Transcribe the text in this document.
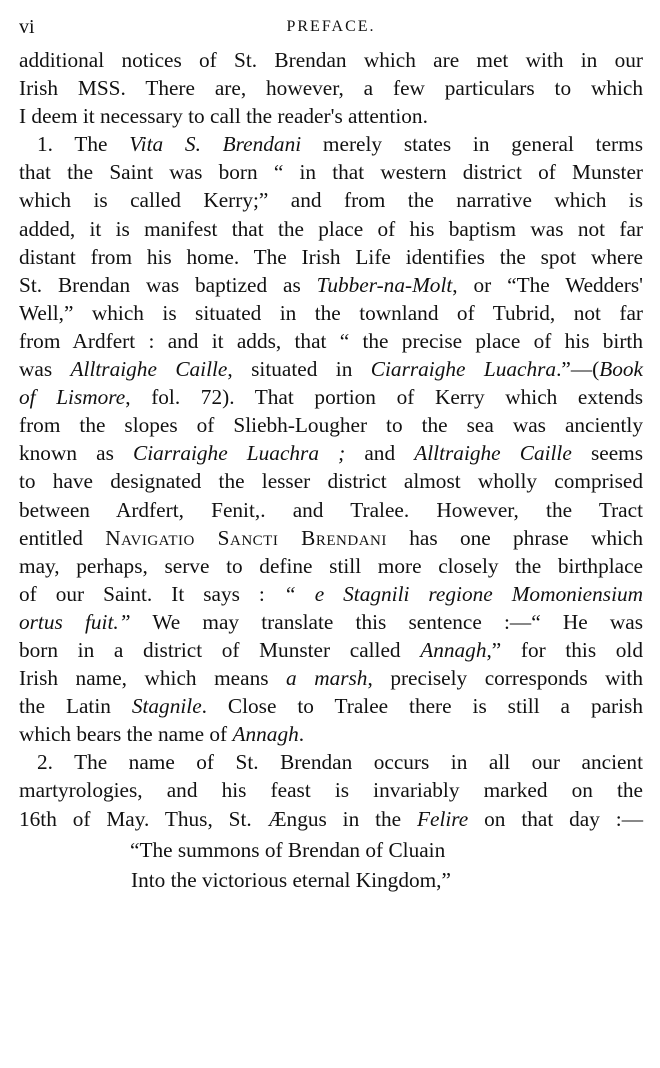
vi	PREFACE.
additional notices of St. Brendan which are met with in our
Irish MSS. There are, however, a few particulars to which
I deem it necessary to call the reader's attention.
1. The Vita S. Brendani merely states in general terms
that the Saint was born “ in that western district of Munster
which is called Kerry;” and from the narrative which is
added, it is manifest that the place of his baptism was not far
distant from his home. The Irish Life identifies the spot where
St. Brendan was baptized as Tubber-na-Molt, or “The Wedders'
Well,” which is situated in the townland of Tubrid, not far
from Ardfert : and it adds, that “ the precise place of his birth
was Alltraighe Caille, situated in Ciarraighe Luachra.”—(Book
of Lismore, fol. 72). That portion of Kerry which extends
from the slopes of Sliebh-Lougher to the sea was anciently
known as Ciarraighe Luachra ; and Alltraighe Caille seems
to have designated the lesser district almost wholly comprised
between Ardfert, Fenit,. and Tralee. However, the Tract
entitled Navigatio Sancti Brendani has one phrase which
may, perhaps, serve to define still more closely the birthplace
of our Saint. It says : “ e Stagnili regione Momoniensium
ortus fuit.” We may translate this sentence :—“ He was
born in a district of Munster called Annagh,” for this old
Irish name, which means a marsh, precisely corresponds with
the Latin Stagnile. Close to Tralee there is still a parish
which bears the name of Annagh.
2. The name of St. Brendan occurs in all our ancient
martyrologies, and his feast is invariably marked on the
16th of May. Thus, St. Ængus in the Felire on that day :—
“The summons of Brendan of Cluain
Into the victorious eternal Kingdom,”
